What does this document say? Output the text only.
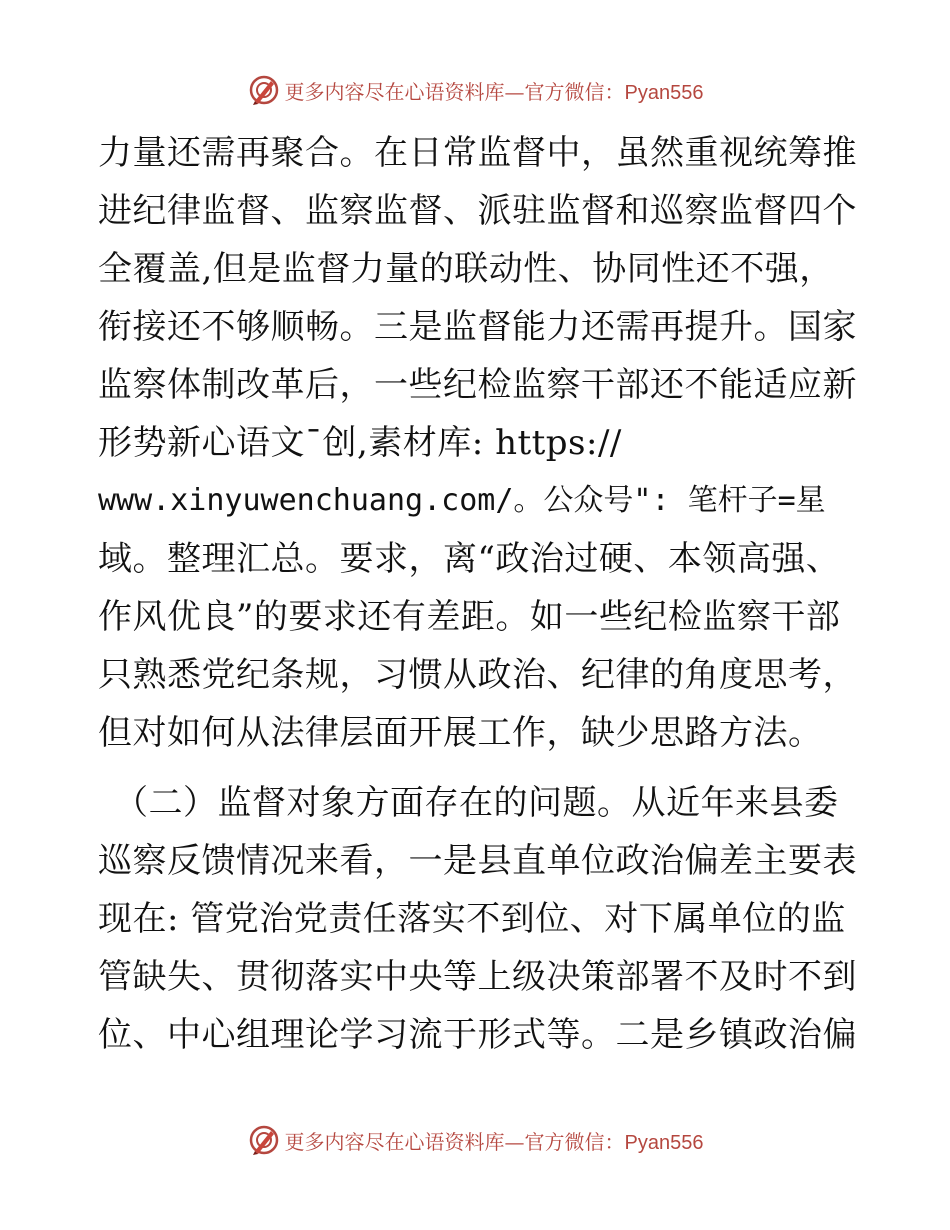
更多内容尽在心语资料库—官方微信：Pyan556
力量还需再聚合。在日常监督中，虽然重视统筹推
进纪律监督、监察监督、派驻监督和巡察监督四个
全覆盖,但是监督力量的联动性、协同性还不强，
衔接还不够顺畅。三是监督能力还需再提升。国家
监察体制改革后，一些纪检监察干部还不能适应新
形势新心语文¯创,素材库: https://
www.xinyuwenchuang.com/。公众号": 笔杆子=星
域。整理汇总。要求，离“政治过硬、本领高强、
作风优良”的要求还有差距。如一些纪检监察干部
只熟悉党纪条规，习惯从政治、纪律的角度思考，
但对如何从法律层面开展工作，缺少思路方法。
（二）监督对象方面存在的问题。从近年来县委
巡察反馈情况来看，一是县直单位政治偏差主要表
现在: 管党治党责任落实不到位、对下属单位的监
管缺失、贯彻落实中央等上级决策部署不及时不到
位、中心组理论学习流于形式等。二是乡镇政治偏
更多内容尽在心语资料库—官方微信：Pyan556
